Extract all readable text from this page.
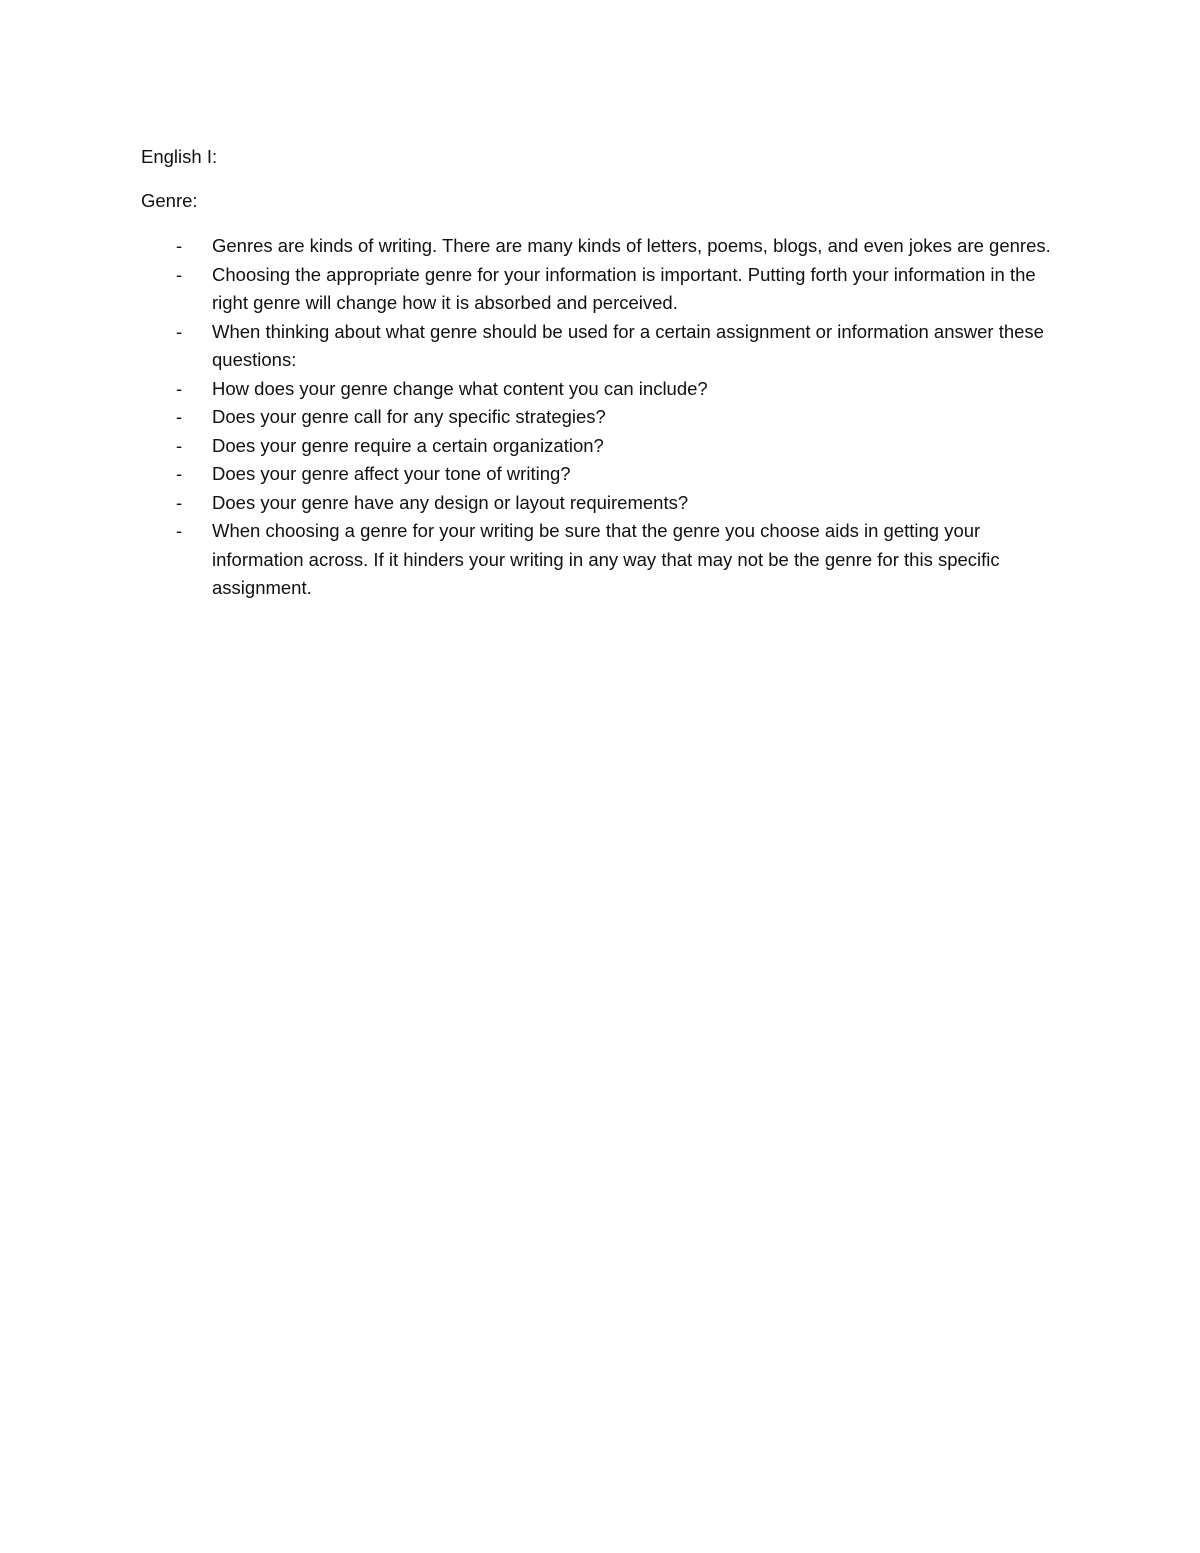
English I:

Genre:

-	Genres are kinds of writing. There are many kinds of letters, poems, blogs, and even jokes are genres.
-	Choosing the appropriate genre for your information is important. Putting forth your information in the right genre will change how it is absorbed and perceived.
-	When thinking about what genre should be used for a certain assignment or information answer these questions:
-	How does your genre change what content you can include?
-	Does your genre call for any specific strategies?
-	Does your genre require a certain organization?
-	Does your genre affect your tone of writing?
-	Does your genre have any design or layout requirements?
-	When choosing a genre for your writing be sure that the genre you choose aids in getting your information across. If it hinders your writing in any way that may not be the genre for this specific assignment.
